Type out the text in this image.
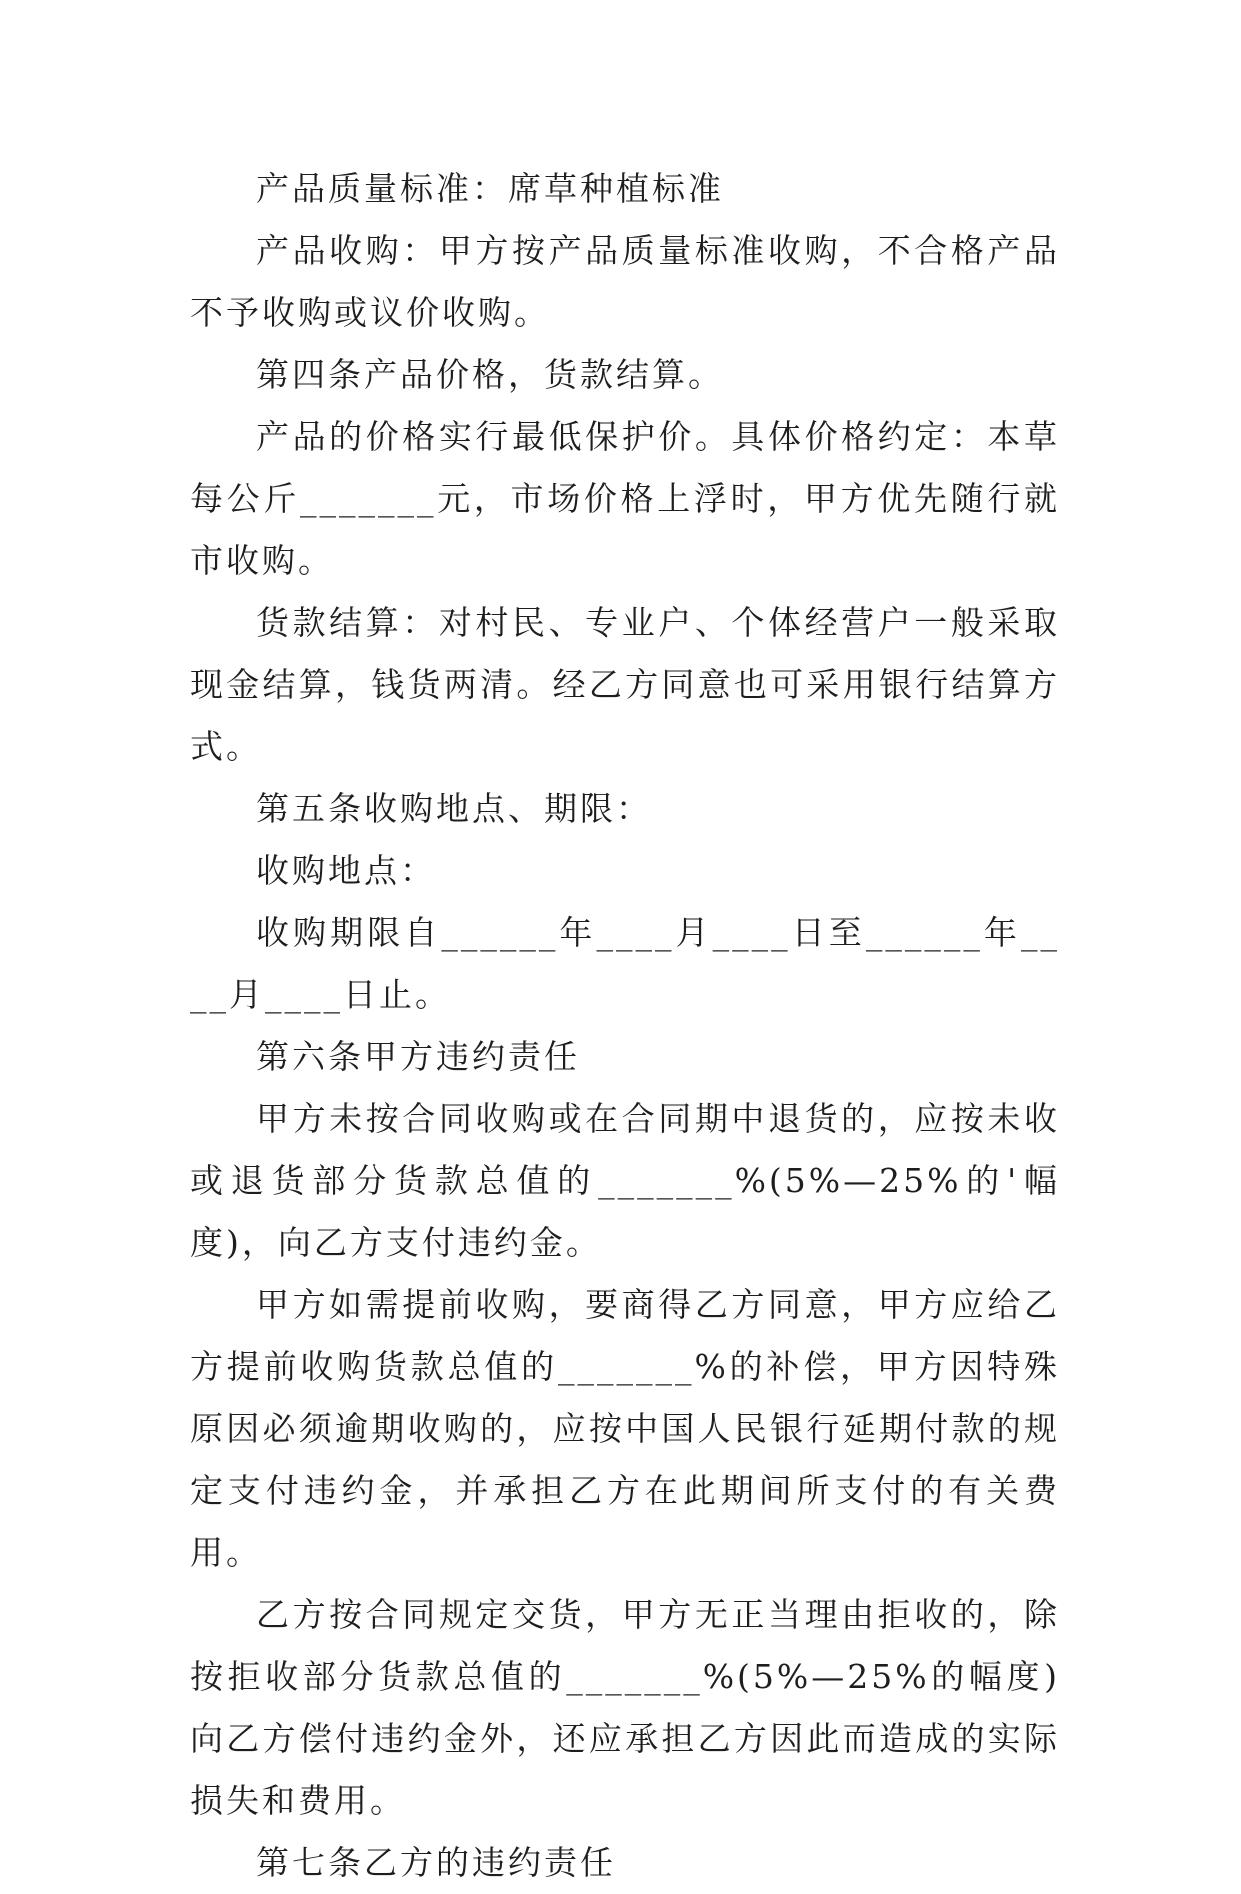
产品质量标准：席草种植标准

产品收购：甲方按产品质量标准收购，不合格产品不予收购或议价收购。

第四条产品价格，货款结算。

产品的价格实行最低保护价。具体价格约定：本草每公斤_______元，市场价格上浮时，甲方优先随行就市收购。

货款结算：对村民、专业户、个体经营户一般采取现金结算，钱货两清。经乙方同意也可采用银行结算方式。

第五条收购地点、期限：

收购地点：

收购期限自______年____月____日至______年____月____日止。

第六条甲方违约责任

甲方未按合同收购或在合同期中退货的，应按未收或退货部分货款总值的_______%(5%—25%的'幅度)，向乙方支付违约金。

甲方如需提前收购，要商得乙方同意，甲方应给乙方提前收购货款总值的_______%的补偿，甲方因特殊原因必须逾期收购的，应按中国人民银行延期付款的规定支付违约金，并承担乙方在此期间所支付的有关费用。

乙方按合同规定交货，甲方无正当理由拒收的，除按拒收部分货款总值的_______%(5%—25%的幅度)向乙方偿付违约金外，还应承担乙方因此而造成的实际损失和费用。

第七条乙方的违约责任
